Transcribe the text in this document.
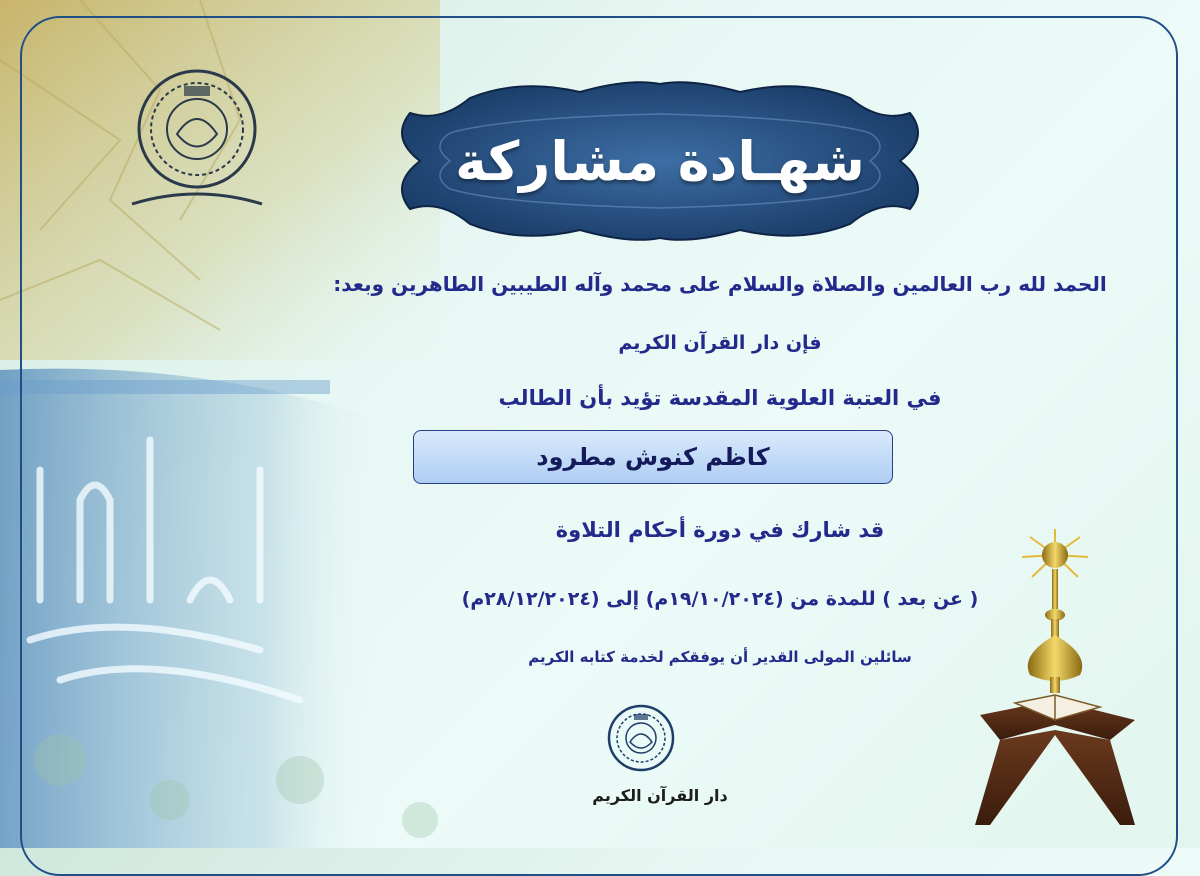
شهـادة مشاركة
الحمد لله رب العالمين والصلاة والسلام على محمد وآله الطيبين الطاهرين وبعد:
فإن دار القرآن الكريم
في العتبة العلوية المقدسة تؤيد بأن الطالب
كاظم كنوش مطرود
قد شارك في دورة أحكام التلاوة
( عن بعد ) للمدة من (١٩/١٠/٢٠٢٤م) إلى (٢٨/١٢/٢٠٢٤م)
سائلين المولى القدير أن يوفقكم لخدمة كتابه الكريم
دار القرآن الكريم
